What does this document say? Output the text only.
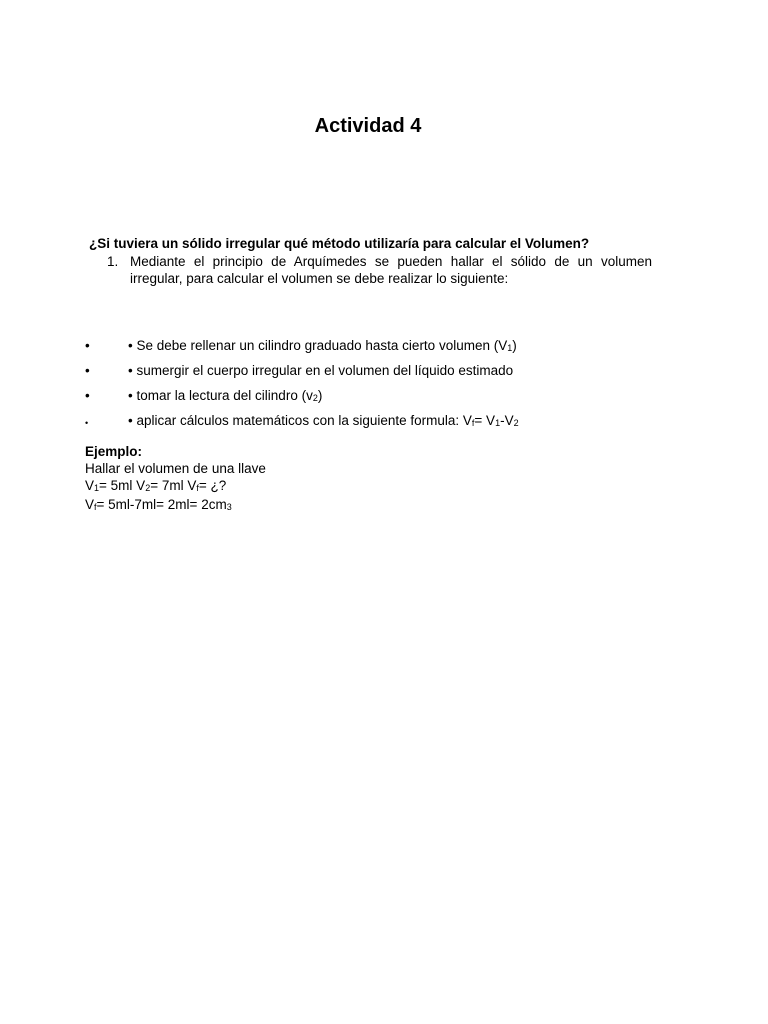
Actividad 4
¿Si tuviera un sólido irregular qué método utilizaría para calcular el Volumen?
1. Mediante el principio de Arquímedes se pueden hallar el sólido de un volumen irregular, para calcular el volumen se debe realizar lo siguiente:
•	• Se debe rellenar un cilindro graduado hasta cierto volumen $(V_1)$
•	• sumergir el cuerpo irregular en el volumen del líquido estimado
•	• tomar la lectura del cilindro $(v_2)$
•	• aplicar cálculos matemáticos con la siguiente formula: $V_f= V_1-V_2$
Ejemplo:
Hallar el volumen de una llave
$V_1= 5ml$ $V_2= 7ml$ $V_f=$ ¿?
$V_f= 5ml-7ml= 2ml= 2cm_3$
